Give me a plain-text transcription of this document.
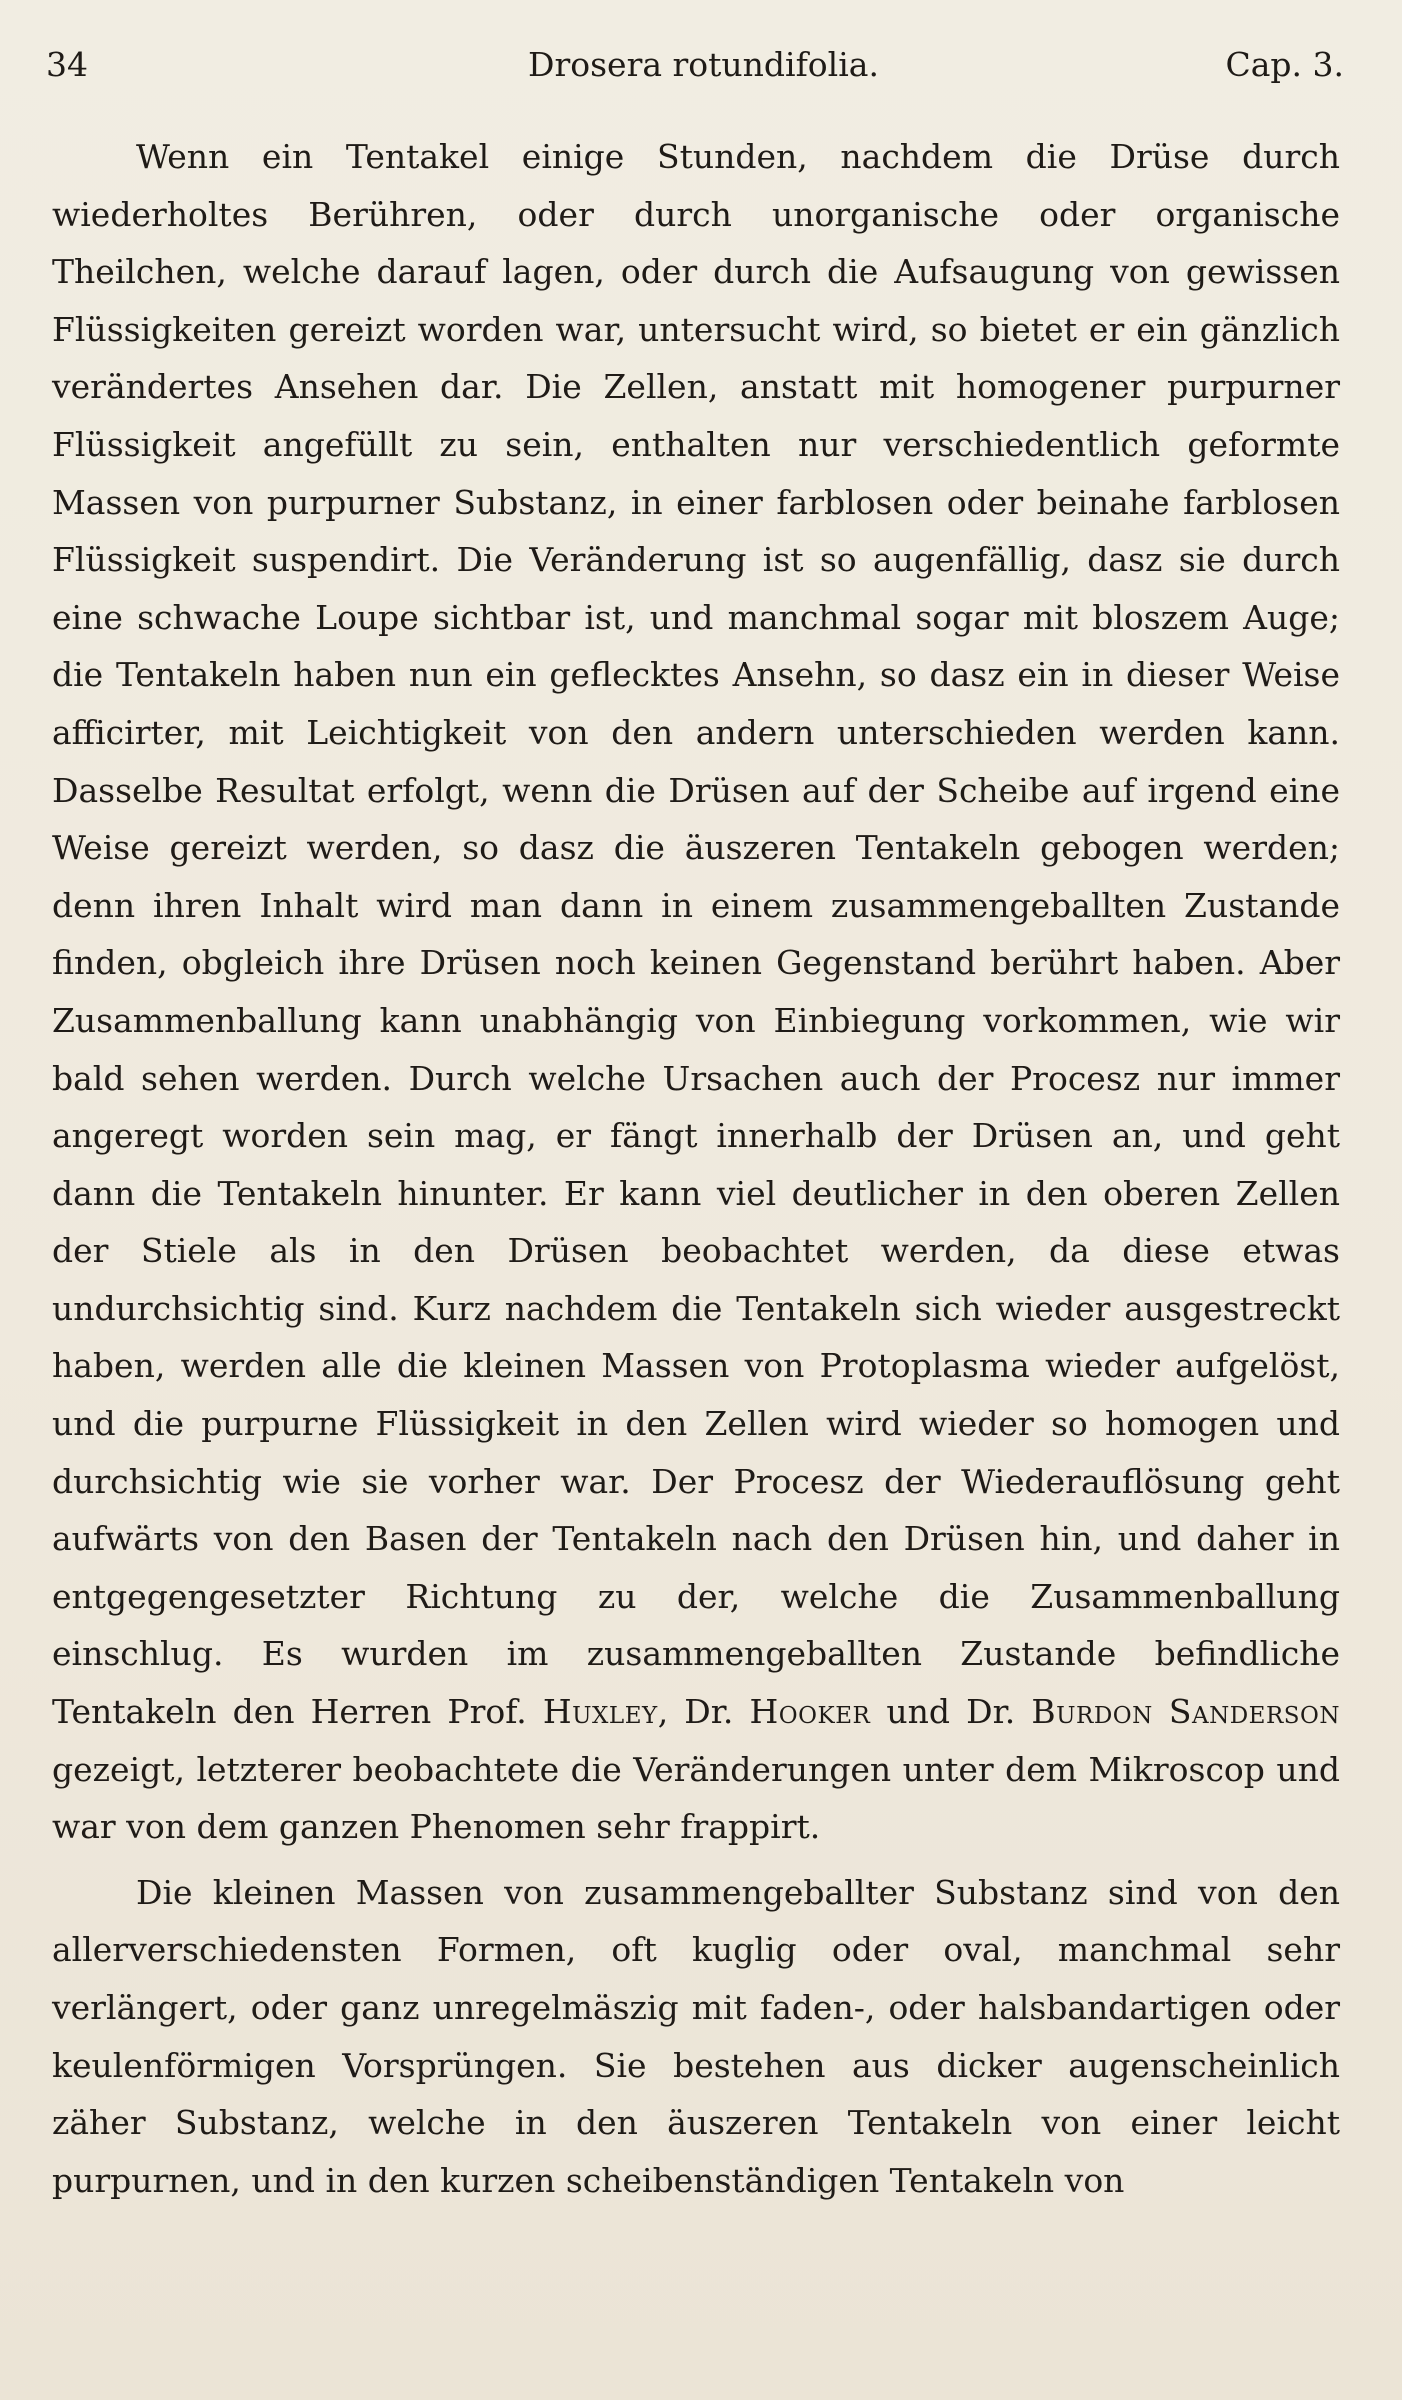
34	Drosera rotundifolia.	Cap. 3.

Wenn ein Tentakel einige Stunden, nachdem die Drüse durch wiederholtes Berühren, oder durch unorganische oder organische Theilchen, welche darauf lagen, oder durch die Aufsaugung von gewissen Flüssigkeiten gereizt worden war, untersucht wird, so bietet er ein gänzlich verändertes Ansehen dar. Die Zellen, anstatt mit homogener purpurner Flüssigkeit angefüllt zu sein, enthalten nur verschiedentlich geformte Massen von purpurner Substanz, in einer farblosen oder beinahe farblosen Flüssigkeit suspendirt. Die Veränderung ist so augenfällig, dasz sie durch eine schwache Loupe sichtbar ist, und manchmal sogar mit bloszem Auge; die Tentakeln haben nun ein geflecktes Ansehn, so dasz ein in dieser Weise afficirter, mit Leichtigkeit von den andern unterschieden werden kann. Dasselbe Resultat erfolgt, wenn die Drüsen auf der Scheibe auf irgend eine Weise gereizt werden, so dasz die äuszeren Tentakeln gebogen werden; denn ihren Inhalt wird man dann in einem zusammengeballten Zustande finden, obgleich ihre Drüsen noch keinen Gegenstand berührt haben. Aber Zusammenballung kann unabhängig von Einbiegung vorkommen, wie wir bald sehen werden. Durch welche Ursachen auch der Procesz nur immer angeregt worden sein mag, er fängt innerhalb der Drüsen an, und geht dann die Tentakeln hinunter. Er kann viel deutlicher in den oberen Zellen der Stiele als in den Drüsen beobachtet werden, da diese etwas undurchsichtig sind. Kurz nachdem die Tentakeln sich wieder ausgestreckt haben, werden alle die kleinen Massen von Protoplasma wieder aufgelöst, und die purpurne Flüssigkeit in den Zellen wird wieder so homogen und durchsichtig wie sie vorher war. Der Procesz der Wiederauflösung geht aufwärts von den Basen der Tentakeln nach den Drüsen hin, und daher in entgegengesetzter Richtung zu der, welche die Zusammenballung einschlug. Es wurden im zusammengeballten Zustande befindliche Tentakeln den Herren Prof. Huxley, Dr. Hooker und Dr. Burdon Sanderson gezeigt, letzterer beobachtete die Veränderungen unter dem Mikroscop und war von dem ganzen Phenomen sehr frappirt.

Die kleinen Massen von zusammengeballter Substanz sind von den allerverschiedensten Formen, oft kuglig oder oval, manchmal sehr verlängert, oder ganz unregelmäszig mit faden-, oder halsbandartigen oder keulenförmigen Vorsprüngen. Sie bestehen aus dicker augenscheinlich zäher Substanz, welche in den äuszeren Tentakeln von einer leicht purpurnen, und in den kurzen scheibenständigen Tentakeln von
